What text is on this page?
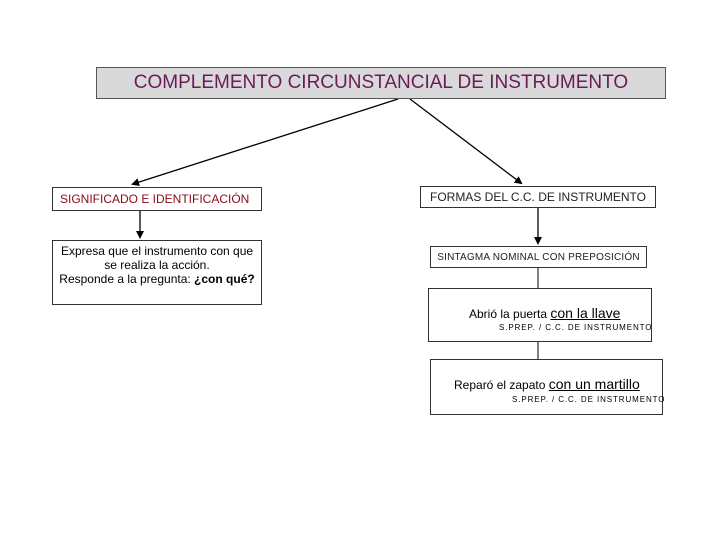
COMPLEMENTO CIRCUNSTANCIAL DE INSTRUMENTO
SIGNIFICADO E IDENTIFICACIÓN
Expresa que el instrumento con que
se realiza la acción.
Responde a la pregunta: ¿con qué?
FORMAS DEL C.C. DE INSTRUMENTO
SINTAGMA NOMINAL CON PREPOSICIÓN
Abrió la puerta con la llave
S.PREP. / C.C. DE INSTRUMENTO
Reparó el zapato con un martillo
S.PREP. / C.C. DE INSTRUMENTO
